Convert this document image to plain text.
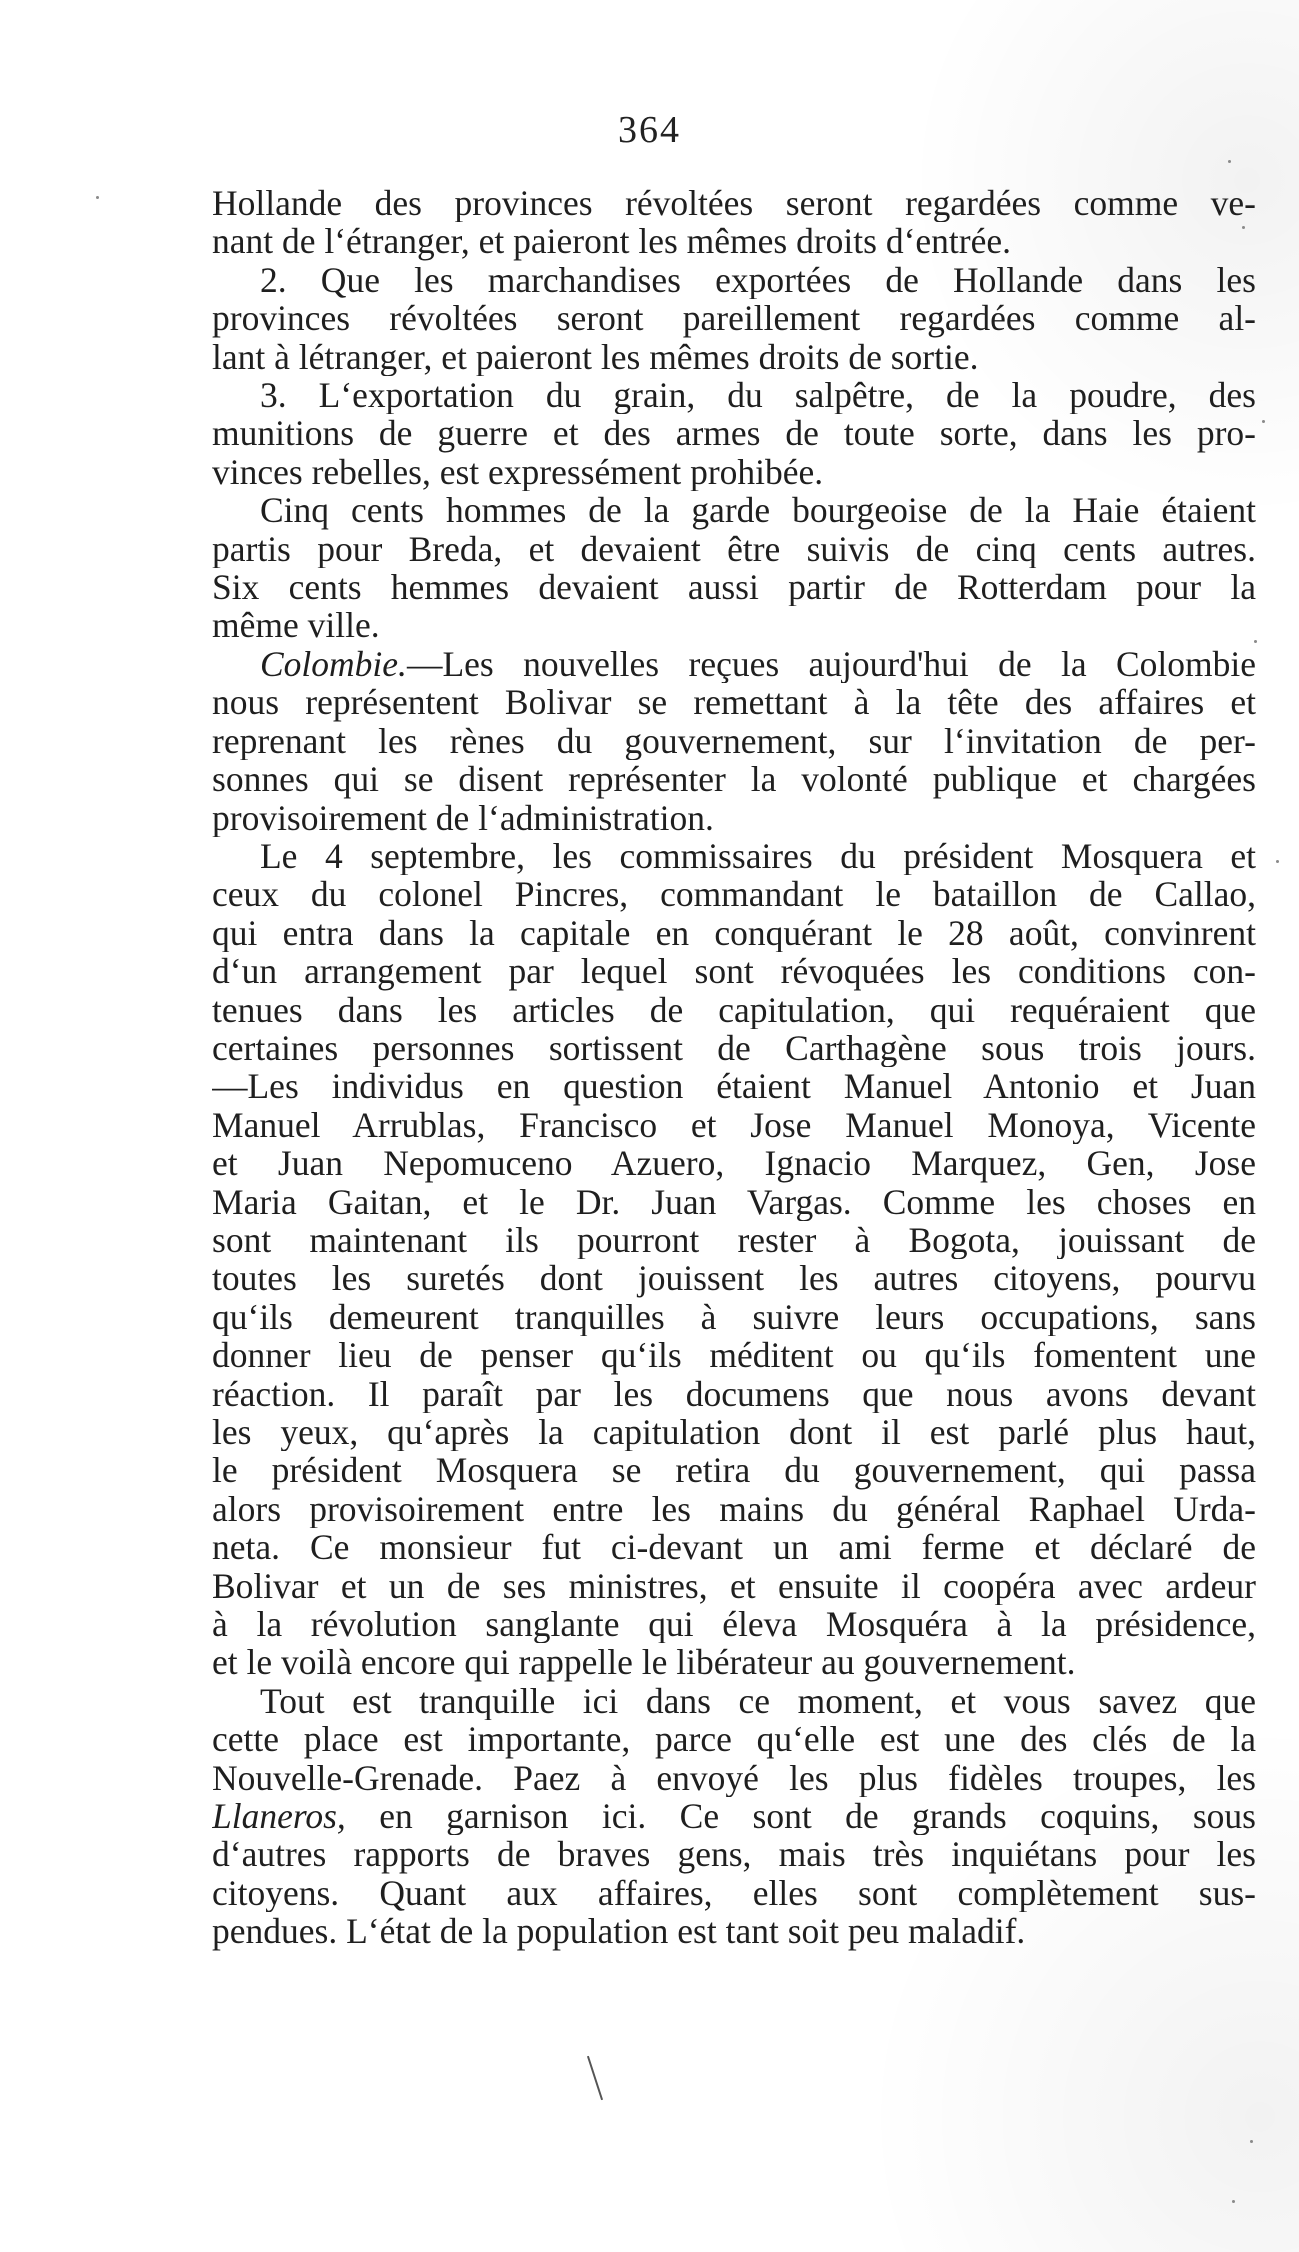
364
Hollande des provinces révoltées seront regardées comme ve-
nant de l‘étranger, et paieront les mêmes droits d‘entrée.
2. Que les marchandises exportées de Hollande dans les
provinces révoltées seront pareillement regardées comme al-
lant à létranger, et paieront les mêmes droits de sortie.
3. L‘exportation du grain, du salpêtre, de la poudre, des
munitions de guerre et des armes de toute sorte, dans les pro-
vinces rebelles, est expressément prohibée.
Cinq cents hommes de la garde bourgeoise de la Haie étaient
partis pour Breda, et devaient être suivis de cinq cents autres.
Six cents hemmes devaient aussi partir de Rotterdam pour la
même ville.
Colombie.—Les nouvelles reçues aujourd'hui de la Colombie
nous représentent Bolivar se remettant à la tête des affaires et
reprenant les rènes du gouvernement, sur l‘invitation de per-
sonnes qui se disent représenter la volonté publique et chargées
provisoirement de l‘administration.
Le 4 septembre, les commissaires du président Mosquera et
ceux du colonel Pincres, commandant le bataillon de Callao,
qui entra dans la capitale en conquérant le 28 août, convinrent
d‘un arrangement par lequel sont révoquées les conditions con-
tenues dans les articles de capitulation, qui requéraient que
certaines personnes sortissent de Carthagène sous trois jours.
—Les individus en question étaient Manuel Antonio et Juan
Manuel Arrublas, Francisco et Jose Manuel Monoya, Vicente
et Juan Nepomuceno Azuero, Ignacio Marquez, Gen, Jose
Maria Gaitan, et le Dr. Juan Vargas. Comme les choses en
sont maintenant ils pourront rester à Bogota, jouissant de
toutes les suretés dont jouissent les autres citoyens, pourvu
qu‘ils demeurent tranquilles à suivre leurs occupations, sans
donner lieu de penser qu‘ils méditent ou qu‘ils fomentent une
réaction. Il paraît par les documens que nous avons devant
les yeux, qu‘après la capitulation dont il est parlé plus haut,
le président Mosquera se retira du gouvernement, qui passa
alors provisoirement entre les mains du général Raphael Urda-
neta. Ce monsieur fut ci-devant un ami ferme et déclaré de
Bolivar et un de ses ministres, et ensuite il coopéra avec ardeur
à la révolution sanglante qui éleva Mosquéra à la présidence,
et le voilà encore qui rappelle le libérateur au gouvernement.
Tout est tranquille ici dans ce moment, et vous savez que
cette place est importante, parce qu‘elle est une des clés de la
Nouvelle-Grenade. Paez à envoyé les plus fidèles troupes, les
Llaneros, en garnison ici. Ce sont de grands coquins, sous
d‘autres rapports de braves gens, mais très inquiétans pour les
citoyens. Quant aux affaires, elles sont complètement sus-
pendues. L‘état de la population est tant soit peu maladif.
